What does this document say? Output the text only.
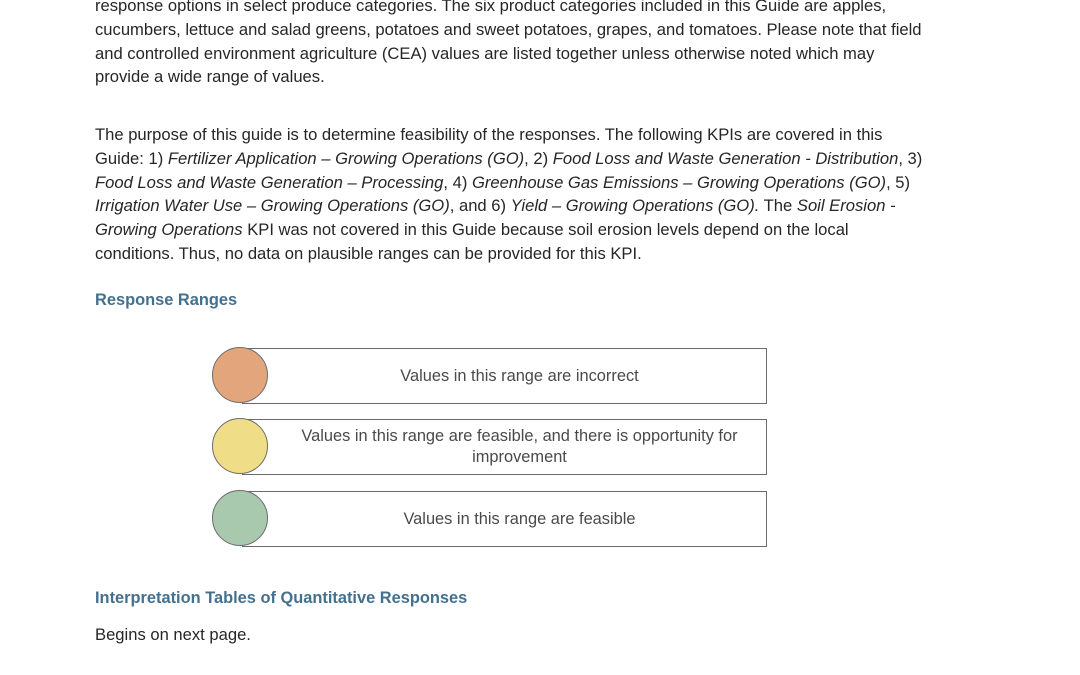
response options in select produce categories. The six product categories included in this Guide are apples,
cucumbers, lettuce and salad greens, potatoes and sweet potatoes, grapes, and tomatoes. Please note that field
and controlled environment agriculture (CEA) values are listed together unless otherwise noted which may
provide a wide range of values.

The purpose of this guide is to determine feasibility of the responses. The following KPIs are covered in this
Guide: 1) Fertilizer Application – Growing Operations (GO), 2) Food Loss and Waste Generation - Distribution, 3)
Food Loss and Waste Generation – Processing, 4) Greenhouse Gas Emissions – Growing Operations (GO), 5)
Irrigation Water Use – Growing Operations (GO), and 6) Yield – Growing Operations (GO). The Soil Erosion -
Growing Operations KPI was not covered in this Guide because soil erosion levels depend on the local
conditions. Thus, no data on plausible ranges can be provided for this KPI.

Response Ranges
Interpretation Tables of Quantitative Responses

Begins on next page.

Values in this range are incorrect
Values in this range are feasible, and there is opportunity for improvement
Values in this range are feasible
